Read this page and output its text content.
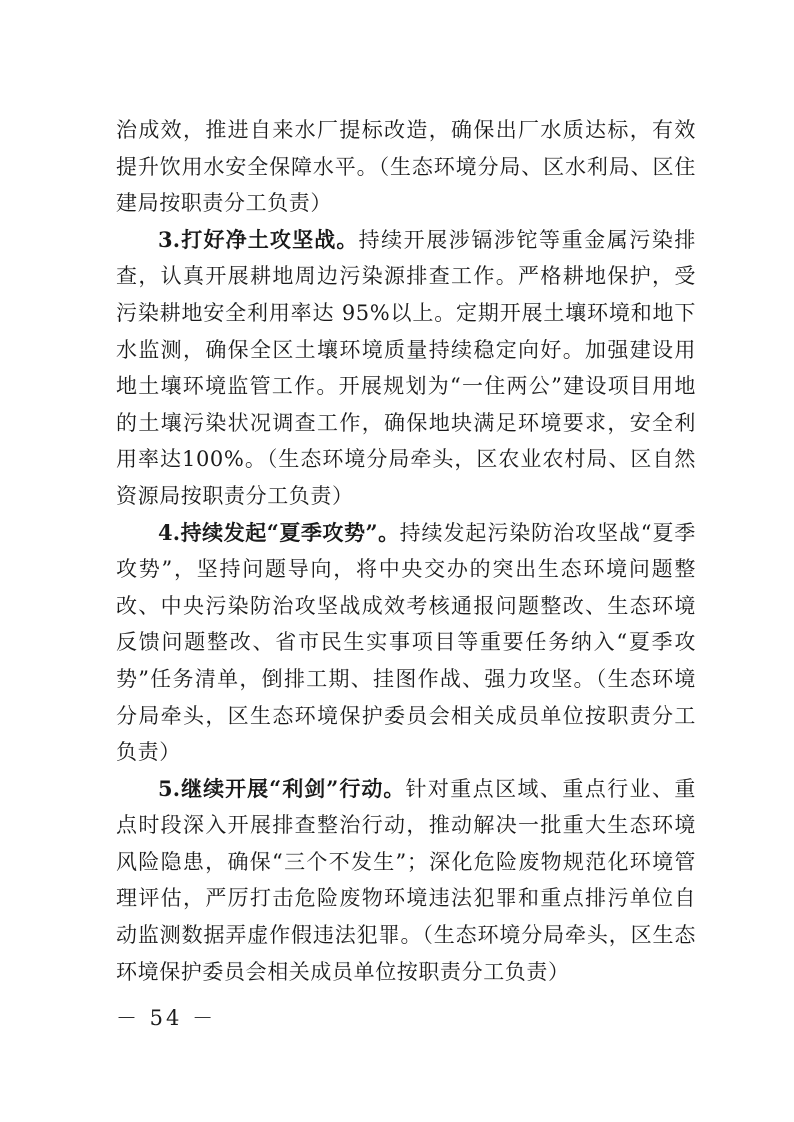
治成效，推进自来水厂提标改造，确保出厂水质达标，有效提升饮用水安全保障水平。（生态环境分局、区水利局、区住建局按职责分工负责）

3.打好净土攻坚战。持续开展涉镉涉铊等重金属污染排查，认真开展耕地周边污染源排查工作。严格耕地保护，受污染耕地安全利用率达 95%以上。定期开展土壤环境和地下水监测，确保全区土壤环境质量持续稳定向好。加强建设用地土壤环境监管工作。开展规划为“一住两公”建设项目用地的土壤污染状况调查工作，确保地块满足环境要求，安全利用率达100%。（生态环境分局牵头，区农业农村局、区自然资源局按职责分工负责）

4.持续发起“夏季攻势”。持续发起污染防治攻坚战“夏季攻势”，坚持问题导向，将中央交办的突出生态环境问题整改、中央污染防治攻坚战成效考核通报问题整改、生态环境反馈问题整改、省市民生实事项目等重要任务纳入“夏季攻势”任务清单，倒排工期、挂图作战、强力攻坚。（生态环境分局牵头，区生态环境保护委员会相关成员单位按职责分工负责）

5.继续开展“利剑”行动。针对重点区域、重点行业、重点时段深入开展排查整治行动，推动解决一批重大生态环境风险隐患，确保“三个不发生”；深化危险废物规范化环境管理评估，严厉打击危险废物环境违法犯罪和重点排污单位自动监测数据弄虚作假违法犯罪。（生态环境分局牵头，区生态环境保护委员会相关成员单位按职责分工负责）

－ 54 －
